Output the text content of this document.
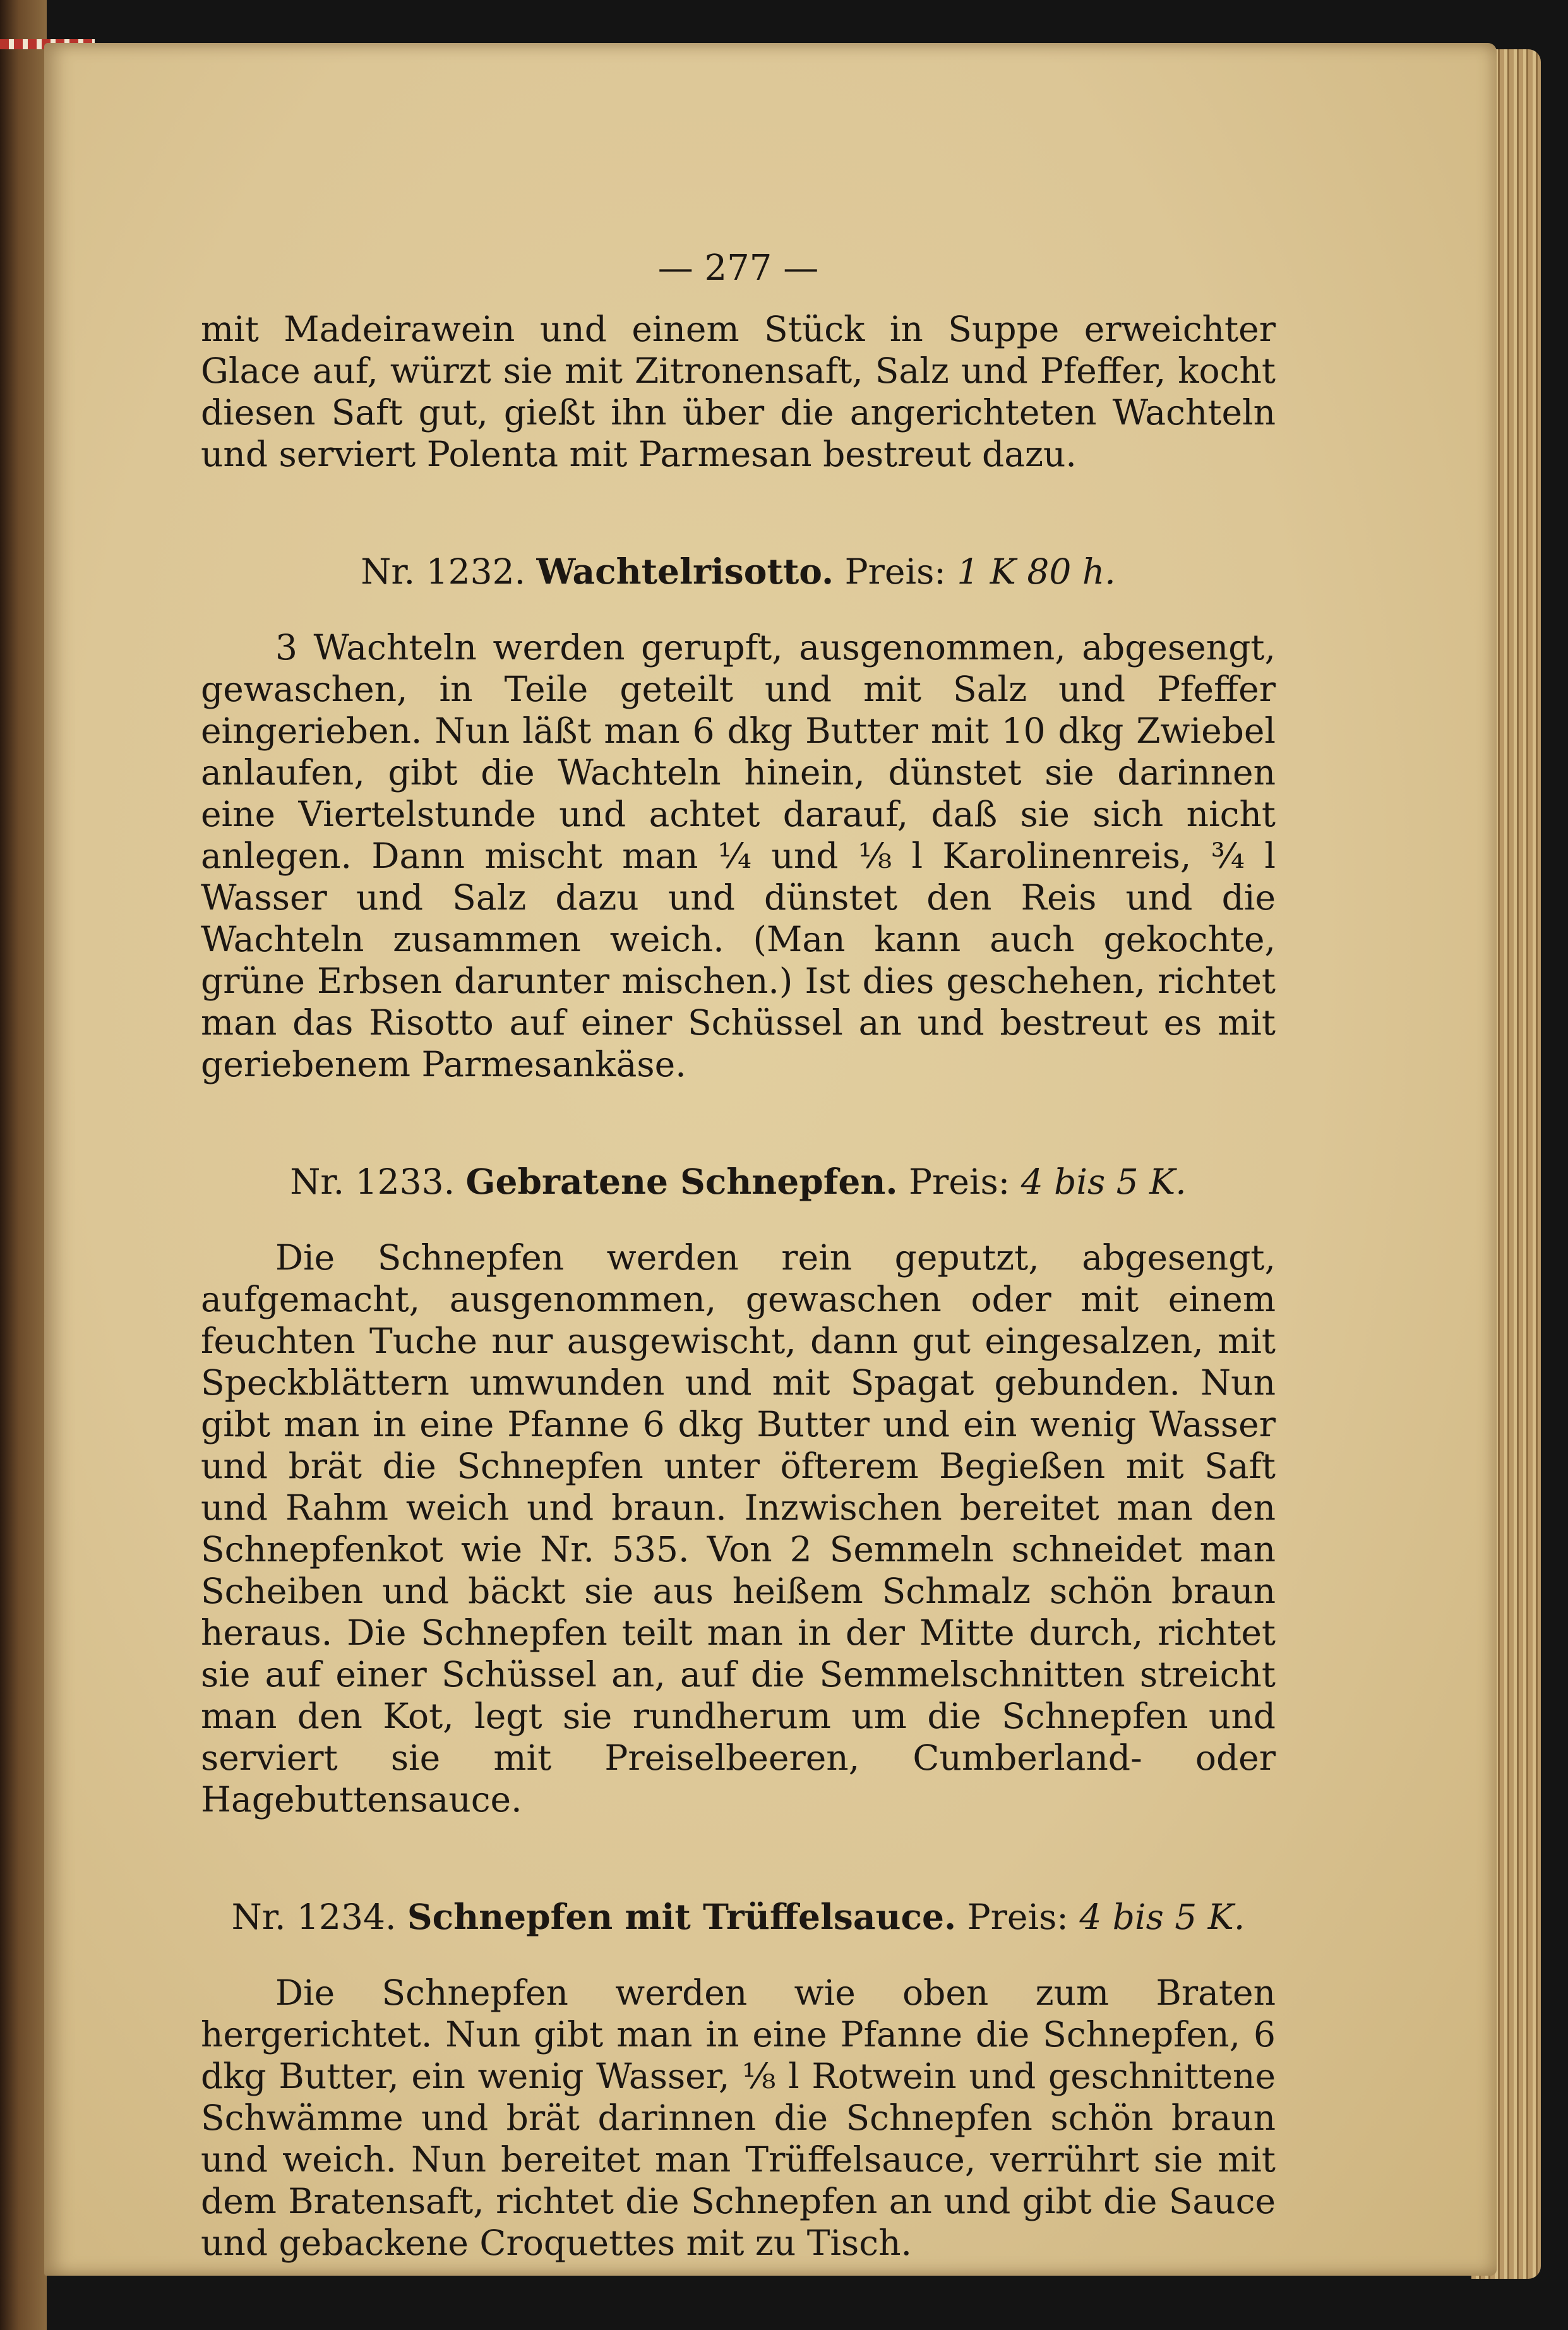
— 277 —

mit Madeirawein und einem Stück in Suppe erweichter Glace auf, würzt sie mit Zitronensaft, Salz und Pfeffer, kocht diesen Saft gut, gießt ihn über die angerichteten Wachteln und serviert Polenta mit Parmesan bestreut dazu.

Nr. 1232. Wachtelrisotto. Preis: 1 K 80 h.

3 Wachteln werden gerupft, ausgenommen, abgesengt, gewaschen, in Teile geteilt und mit Salz und Pfeffer eingerieben. Nun läßt man 6 dkg Butter mit 10 dkg Zwiebel anlaufen, gibt die Wachteln hinein, dünstet sie darinnen eine Viertelstunde und achtet darauf, daß sie sich nicht anlegen. Dann mischt man ¼ und ⅛ l Karolinenreis, ¾ l Wasser und Salz dazu und dünstet den Reis und die Wachteln zusammen weich. (Man kann auch gekochte, grüne Erbsen darunter mischen.) Ist dies geschehen, richtet man das Risotto auf einer Schüssel an und bestreut es mit geriebenem Parmesankäse.

Nr. 1233. Gebratene Schnepfen. Preis: 4 bis 5 K.

Die Schnepfen werden rein geputzt, abgesengt, aufgemacht, ausgenommen, gewaschen oder mit einem feuchten Tuche nur ausgewischt, dann gut eingesalzen, mit Speckblättern umwunden und mit Spagat gebunden. Nun gibt man in eine Pfanne 6 dkg Butter und ein wenig Wasser und brät die Schnepfen unter öfterem Begießen mit Saft und Rahm weich und braun. Inzwischen bereitet man den Schnepfenkot wie Nr. 535. Von 2 Semmeln schneidet man Scheiben und bäckt sie aus heißem Schmalz schön braun heraus. Die Schnepfen teilt man in der Mitte durch, richtet sie auf einer Schüssel an, auf die Semmelschnitten streicht man den Kot, legt sie rundherum um die Schnepfen und serviert sie mit Preiselbeeren, Cumberland- oder Hagebuttensauce.

Nr. 1234. Schnepfen mit Trüffelsauce. Preis: 4 bis 5 K.

Die Schnepfen werden wie oben zum Braten hergerichtet. Nun gibt man in eine Pfanne die Schnepfen, 6 dkg Butter, ein wenig Wasser, ⅛ l Rotwein und geschnittene Schwämme und brät darinnen die Schnepfen schön braun und weich. Nun bereitet man Trüffelsauce, verrührt sie mit dem Bratensaft, richtet die Schnepfen an und gibt die Sauce und gebackene Croquettes mit zu Tisch.
